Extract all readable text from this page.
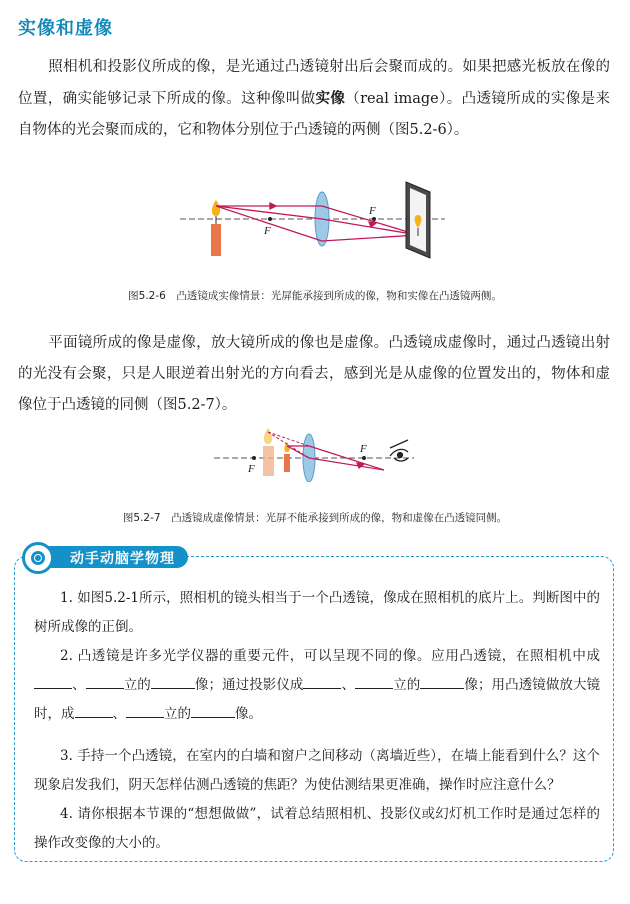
实像和虚像
照相机和投影仪所成的像，是光通过凸透镜射出后会聚而成的。如果把感光板放在像的位置，确实能够记录下所成的像。这种像叫做实像（real image）。凸透镜所成的实像是来自物体的光会聚而成的，它和物体分别位于凸透镜的两侧（图5.2-6）。
F
F
图5.2-6　凸透镜成实像情景：光屏能承接到所成的像，物和实像在凸透镜两侧。
平面镜所成的像是虚像，放大镜所成的像也是虚像。凸透镜成虚像时，通过凸透镜出射的光没有会聚，只是人眼逆着出射光的方向看去，感到光是从虚像的位置发出的，物体和虚像位于凸透镜的同侧（图5.2-7）。
F
F
图5.2-7　凸透镜成虚像情景：光屏不能承接到所成的像，物和虚像在凸透镜同侧。
动手动脑学物理
1. 如图5.2-1所示，照相机的镜头相当于一个凸透镜，像成在照相机的底片上。判断图中的树所成像的正倒。
2. 凸透镜是许多光学仪器的重要元件，可以呈现不同的像。应用凸透镜，在照相机中成、	立的	像；通过投影仪成	、	立的	像；用凸透镜做放大镜时，成	、	立的	像。
3. 手持一个凸透镜，在室内的白墙和窗户之间移动（离墙近些），在墙上能看到什么？这个现象启发我们，阴天怎样估测凸透镜的焦距？为使估测结果更准确，操作时应注意什么？
4. 请你根据本节课的“想想做做”，试着总结照相机、投影仪或幻灯机工作时是通过怎样的操作改变像的大小的。
